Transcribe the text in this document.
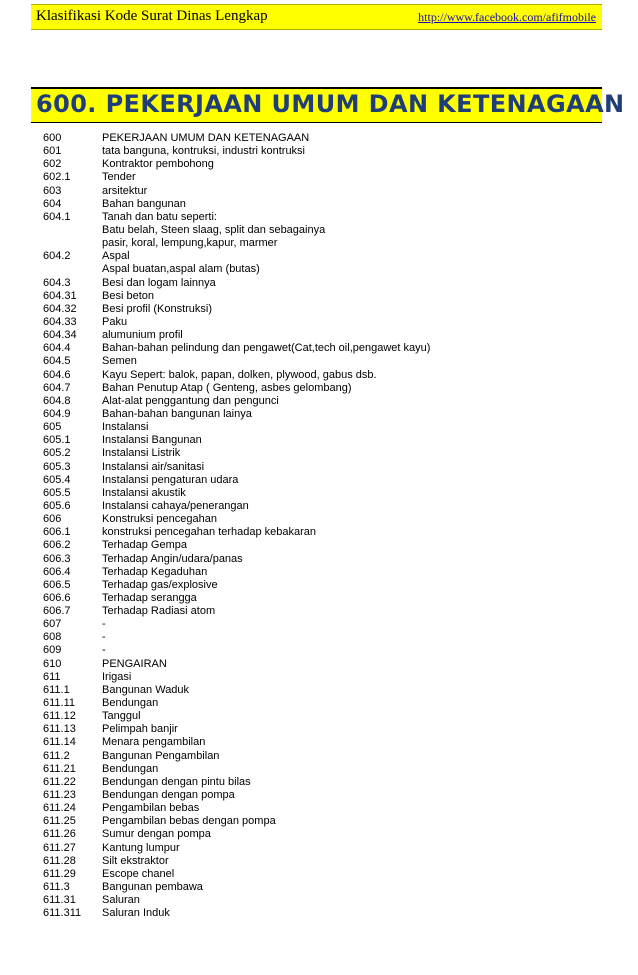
Klasifikasi Kode Surat Dinas Lengkap	http://www.facebook.com/afifmobile
600. PEKERJAAN UMUM DAN KETENAGAAN
600	PEKERJAAN UMUM DAN KETENAGAAN
601	tata banguna, kontruksi, industri kontruksi
602	Kontraktor pembohong
602.1	Tender
603	arsitektur
604	Bahan bangunan
604.1	Tanah dan batu seperti:
Batu belah, Steen slaag, split dan sebagainya
pasir, koral, lempung,kapur, marmer
604.2	Aspal
Aspal buatan,aspal alam (butas)
604.3	Besi dan logam lainnya
604.31 Besi beton
604.32 Besi profil (Konstruksi)
604.33 Paku
604.34 alumunium profil
604.4	Bahan-bahan pelindung dan pengawet(Cat,tech oil,pengawet kayu)
604.5	Semen
604.6	Kayu Sepert: balok, papan, dolken, plywood, gabus dsb.
604.7	Bahan Penutup Atap ( Genteng, asbes gelombang)
604.8	Alat-alat penggantung dan pengunci
604.9	Bahan-bahan bangunan lainya
605	Instalansi
605.1	Instalansi Bangunan
605.2	Instalansi Listrik
605.3	Instalansi air/sanitasi
605.4	Instalansi pengaturan udara
605.5	Instalansi akustik
605.6	Instalansi cahaya/penerangan
606	Konstruksi pencegahan
606.1	konstruksi pencegahan terhadap kebakaran
606.2	Terhadap Gempa
606.3	Terhadap Angin/udara/panas
606.4	Terhadap Kegaduhan
606.5	Terhadap gas/explosive
606.6	Terhadap serangga
606.7	Terhadap Radiasi atom
607	-
608	-
609	-
610	PENGAIRAN
611	Irigasi
611.1	Bangunan Waduk
611.11 Bendungan
611.12 Tanggul
611.13 Pelimpah banjir
611.14 Menara pengambilan
611.2	Bangunan Pengambilan
611.21 Bendungan
611.22 Bendungan dengan pintu bilas
611.23 Bendungan dengan pompa
611.24 Pengambilan bebas
611.25 Pengambilan bebas dengan pompa
611.26 Sumur dengan pompa
611.27 Kantung lumpur
611.28 Silt ekstraktor
611.29 Escope chanel
611.3	Bangunan pembawa
611.31 Saluran
611.311 Saluran Induk
